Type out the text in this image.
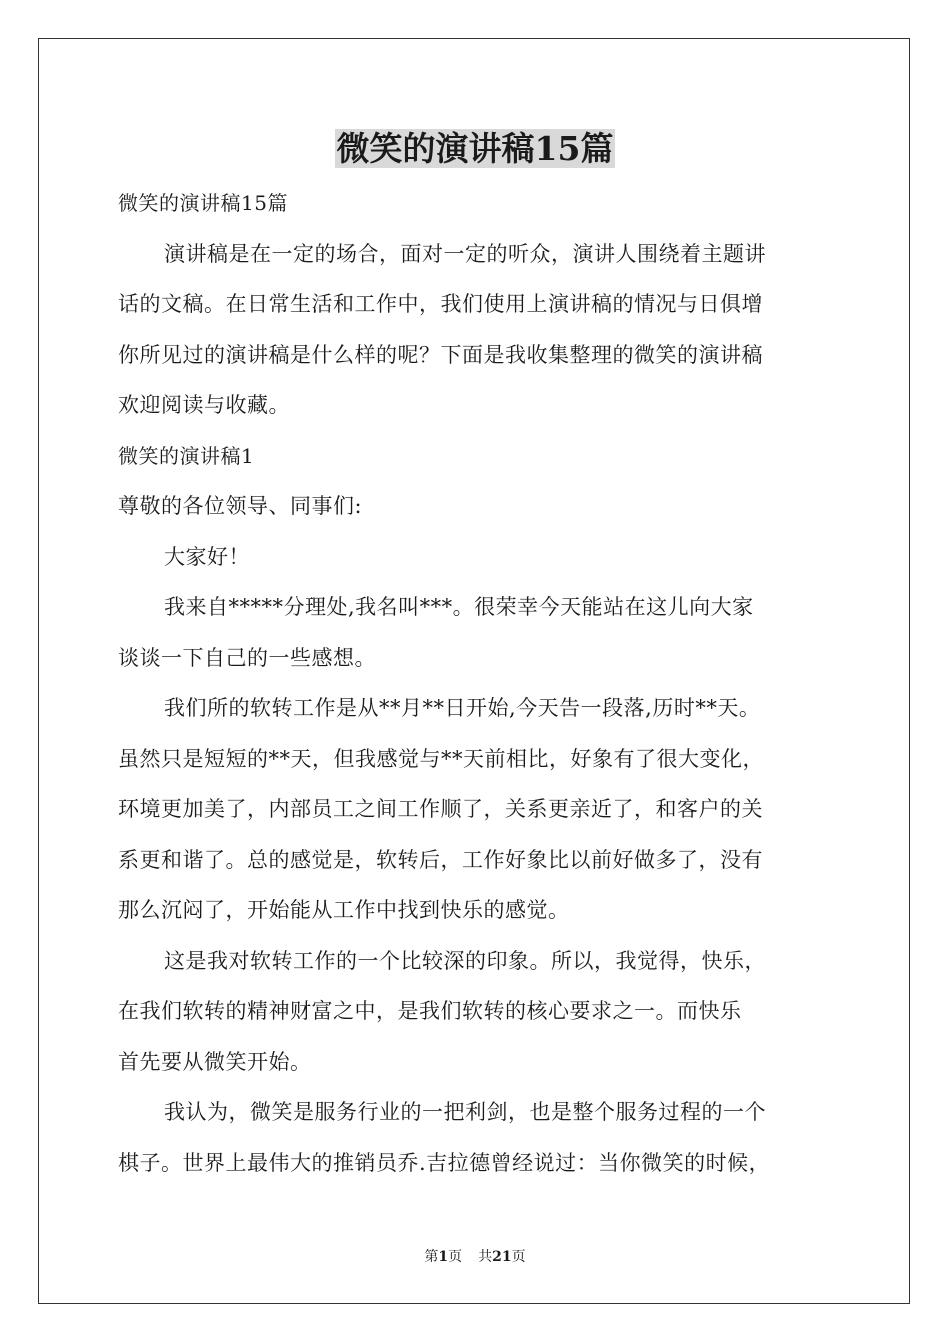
微笑的演讲稿15篇
微笑的演讲稿15篇
演讲稿是在一定的场合，面对一定的听众，演讲人围绕着主题讲
话的文稿。在日常生活和工作中，我们使用上演讲稿的情况与日俱增
你所见过的演讲稿是什么样的呢？下面是我收集整理的微笑的演讲稿
欢迎阅读与收藏。
微笑的演讲稿1
尊敬的各位领导、同事们:
大家好！
我来自*****分理处,我名叫***。很荣幸今天能站在这儿向大家
谈谈一下自己的一些感想。
我们所的软转工作是从**月**日开始,今天告一段落,历时**天。
虽然只是短短的**天，但我感觉与**天前相比，好象有了很大变化，
环境更加美了，内部员工之间工作顺了，关系更亲近了，和客户的关
系更和谐了。总的感觉是，软转后，工作好象比以前好做多了，没有
那么沉闷了，开始能从工作中找到快乐的感觉。
这是我对软转工作的一个比较深的印象。所以，我觉得，快乐，
在我们软转的精神财富之中，是我们软转的核心要求之一。而快乐
首先要从微笑开始。
我认为，微笑是服务行业的一把利剑，也是整个服务过程的一个
棋子。世界上最伟大的推销员乔.吉拉德曾经说过：当你微笑的时候，
第1页 共21页
